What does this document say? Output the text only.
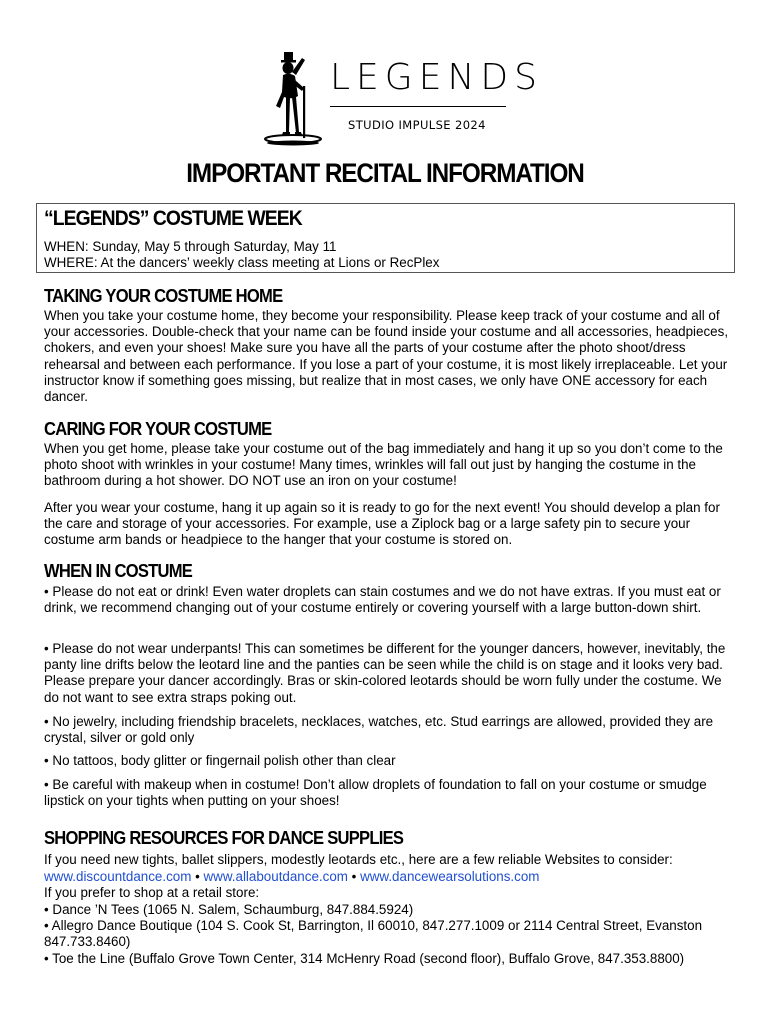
LEGENDS
STUDIO IMPULSE 2024
IMPORTANT RECITAL INFORMATION
“LEGENDS” COSTUME WEEK
WHEN: Sunday, May 5 through Saturday, May 11
WHERE: At the dancers’ weekly class meeting at Lions or RecPlex
TAKING YOUR COSTUME HOME
When you take your costume home, they become your responsibility. Please keep track of your costume and all of your accessories. Double-check that your name can be found inside your costume and all accessories, headpieces, chokers, and even your shoes! Make sure you have all the parts of your costume after the photo shoot/dress rehearsal and between each performance. If you lose a part of your costume, it is most likely irreplaceable. Let your instructor know if something goes missing, but realize that in most cases, we only have ONE accessory for each dancer.
CARING FOR YOUR COSTUME
When you get home, please take your costume out of the bag immediately and hang it up so you don’t come to the photo shoot with wrinkles in your costume! Many times, wrinkles will fall out just by hanging the costume in the bathroom during a hot shower. DO NOT use an iron on your costume!
After you wear your costume, hang it up again so it is ready to go for the next event! You should develop a plan for the care and storage of your accessories. For example, use a Ziplock bag or a large safety pin to secure your costume arm bands or headpiece to the hanger that your costume is stored on.
WHEN IN COSTUME
• Please do not eat or drink! Even water droplets can stain costumes and we do not have extras. If you must eat or drink, we recommend changing out of your costume entirely or covering yourself with a large button-down shirt.
• Please do not wear underpants! This can sometimes be different for the younger dancers, however, inevitably, the panty line drifts below the leotard line and the panties can be seen while the child is on stage and it looks very bad. Please prepare your dancer accordingly. Bras or skin-colored leotards should be worn fully under the costume. We do not want to see extra straps poking out.
• No jewelry, including friendship bracelets, necklaces, watches, etc. Stud earrings are allowed, provided they are crystal, silver or gold only
• No tattoos, body glitter or fingernail polish other than clear
• Be careful with makeup when in costume! Don’t allow droplets of foundation to fall on your costume or smudge lipstick on your tights when putting on your shoes!
SHOPPING RESOURCES FOR DANCE SUPPLIES
If you need new tights, ballet slippers, modestly leotards etc., here are a few reliable Websites to consider:
www.discountdance.com • www.allaboutdance.com • www.dancewearsolutions.com
If you prefer to shop at a retail store:
• Dance ’N Tees (1065 N. Salem, Schaumburg, 847.884.5924)
• Allegro Dance Boutique (104 S. Cook St, Barrington, Il 60010, 847.277.1009 or 2114 Central Street, Evanston 847.733.8460)
• Toe the Line (Buffalo Grove Town Center, 314 McHenry Road (second floor), Buffalo Grove, 847.353.8800)
